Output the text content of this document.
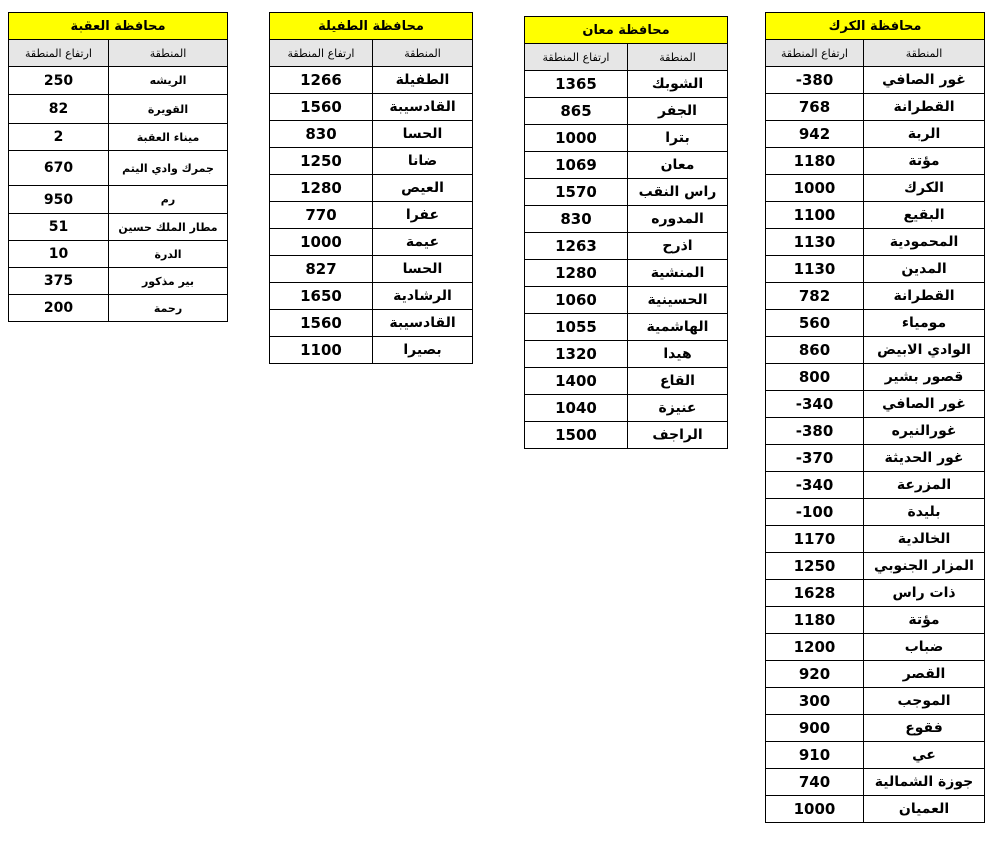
محافظة العقبة	
ارتفاع المنطقة	المنطقة
250	الريشه
82	القويرة
2	ميناء العقبة
670	جمرك وادي اليتم
950	رم
51	مطار الملك حسين
10	الدرة
375	بير مذكور
200	رحمة
محافظة الطفيلة	
ارتفاع المنطقة	المنطقة
1266	الطفيلة
1560	القادسيبة
830	الحسا
1250	ضانا
1280	العيص
770	عفرا
1000	عيمة
827	الحسا
1650	الرشادية
1560	القادسيبة
1100	بصيرا
محافظة معان	
ارتفاع المنطقة	المنطقة
1365	الشوبك
865	الجفر
1000	بترا
1069	معان
1570	راس النقب
830	المدوره
1263	اذرح
1280	المنشية
1060	الحسينية
1055	الهاشمية
1320	هيدا
1400	القاع
1040	عنيزة
1500	الراجف
محافظة الكرك	
ارتفاع المنطقة	المنطقة
-380	غور الصافي
768	القطرانة
942	الربة
1180	مؤتة
1000	الكرك
1100	البقيع
1130	المحمودية
1130	المدين
782	القطرانة
560	مومياء
860	الوادي الابيض
800	قصور بشير
-340	غور الصافي
-380	غورالنيره
-370	غور الحديثة
-340	المزرعة
-100	بليدة
1170	الخالدية
1250	المزار الجنوبي
1628	ذات راس
1180	مؤتة
1200	ضباب
920	القصر
300	الموجب
900	فقوع
910	عي
740	جوزة الشمالية
1000	العميان
